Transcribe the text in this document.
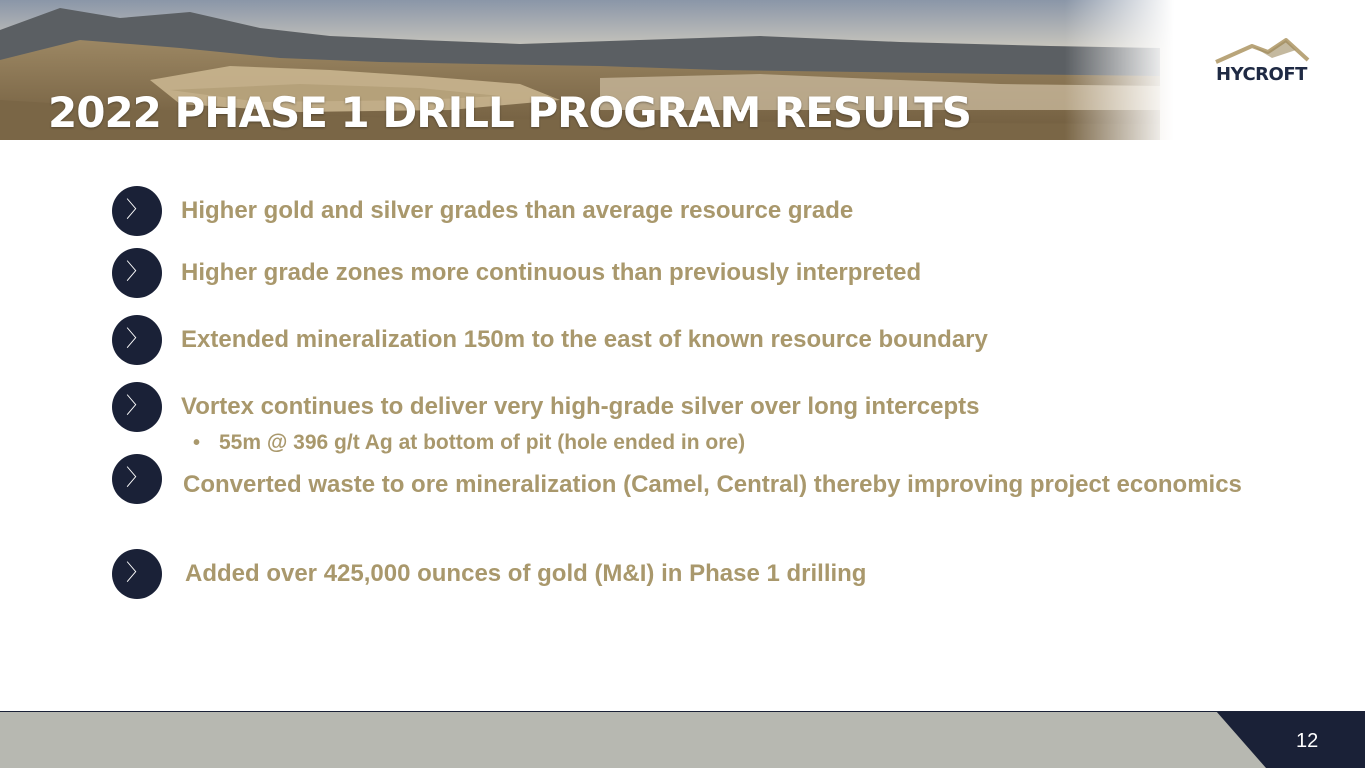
2022 PHASE 1 DRILL PROGRAM RESULTS
HYCROFT
〉	Higher gold and silver grades than average resource grade
〉	Higher grade zones more continuous than previously interpreted
〉	Extended mineralization 150m to the east of known resource boundary
〉	Vortex continues to deliver very high-grade silver over long intercepts
• 55m @ 396 g/t Ag at bottom of pit (hole ended in ore)
〉	Converted waste to ore mineralization (Camel, Central) thereby improving project economics
〉	Added over 425,000 ounces of gold (M&I) in Phase 1 drilling
12
